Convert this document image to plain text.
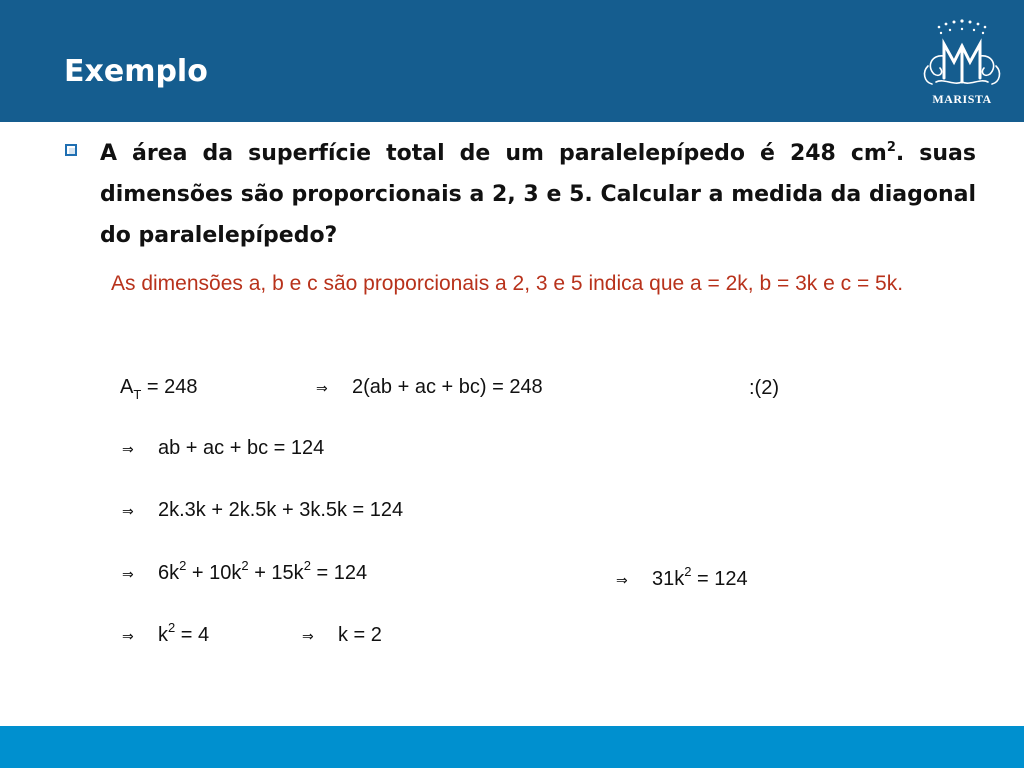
Exemplo
MARISTA

A área da superfície total de um paralelepípedo é 248 $cm^2$. suas dimensões são proporcionais a 2, 3 e 5. Calcular a medida da diagonal do paralelepípedo?

As dimensões a, b e c são proporcionais a 2, 3 e 5 indica que a = 2k, b = 3k e c = 5k.

$A_T = 248$	⇒ 2(ab + ac + bc) = 248	:(2)
⇒ ab + ac + bc = 124
⇒ 2k.3k + 2k.5k + 3k.5k = 124
⇒ $6k^2 + 10k^2 + 15k^2 = 124$	⇒ $31k^2 = 124$
⇒ $k^2 = 4$	⇒ k = 2
